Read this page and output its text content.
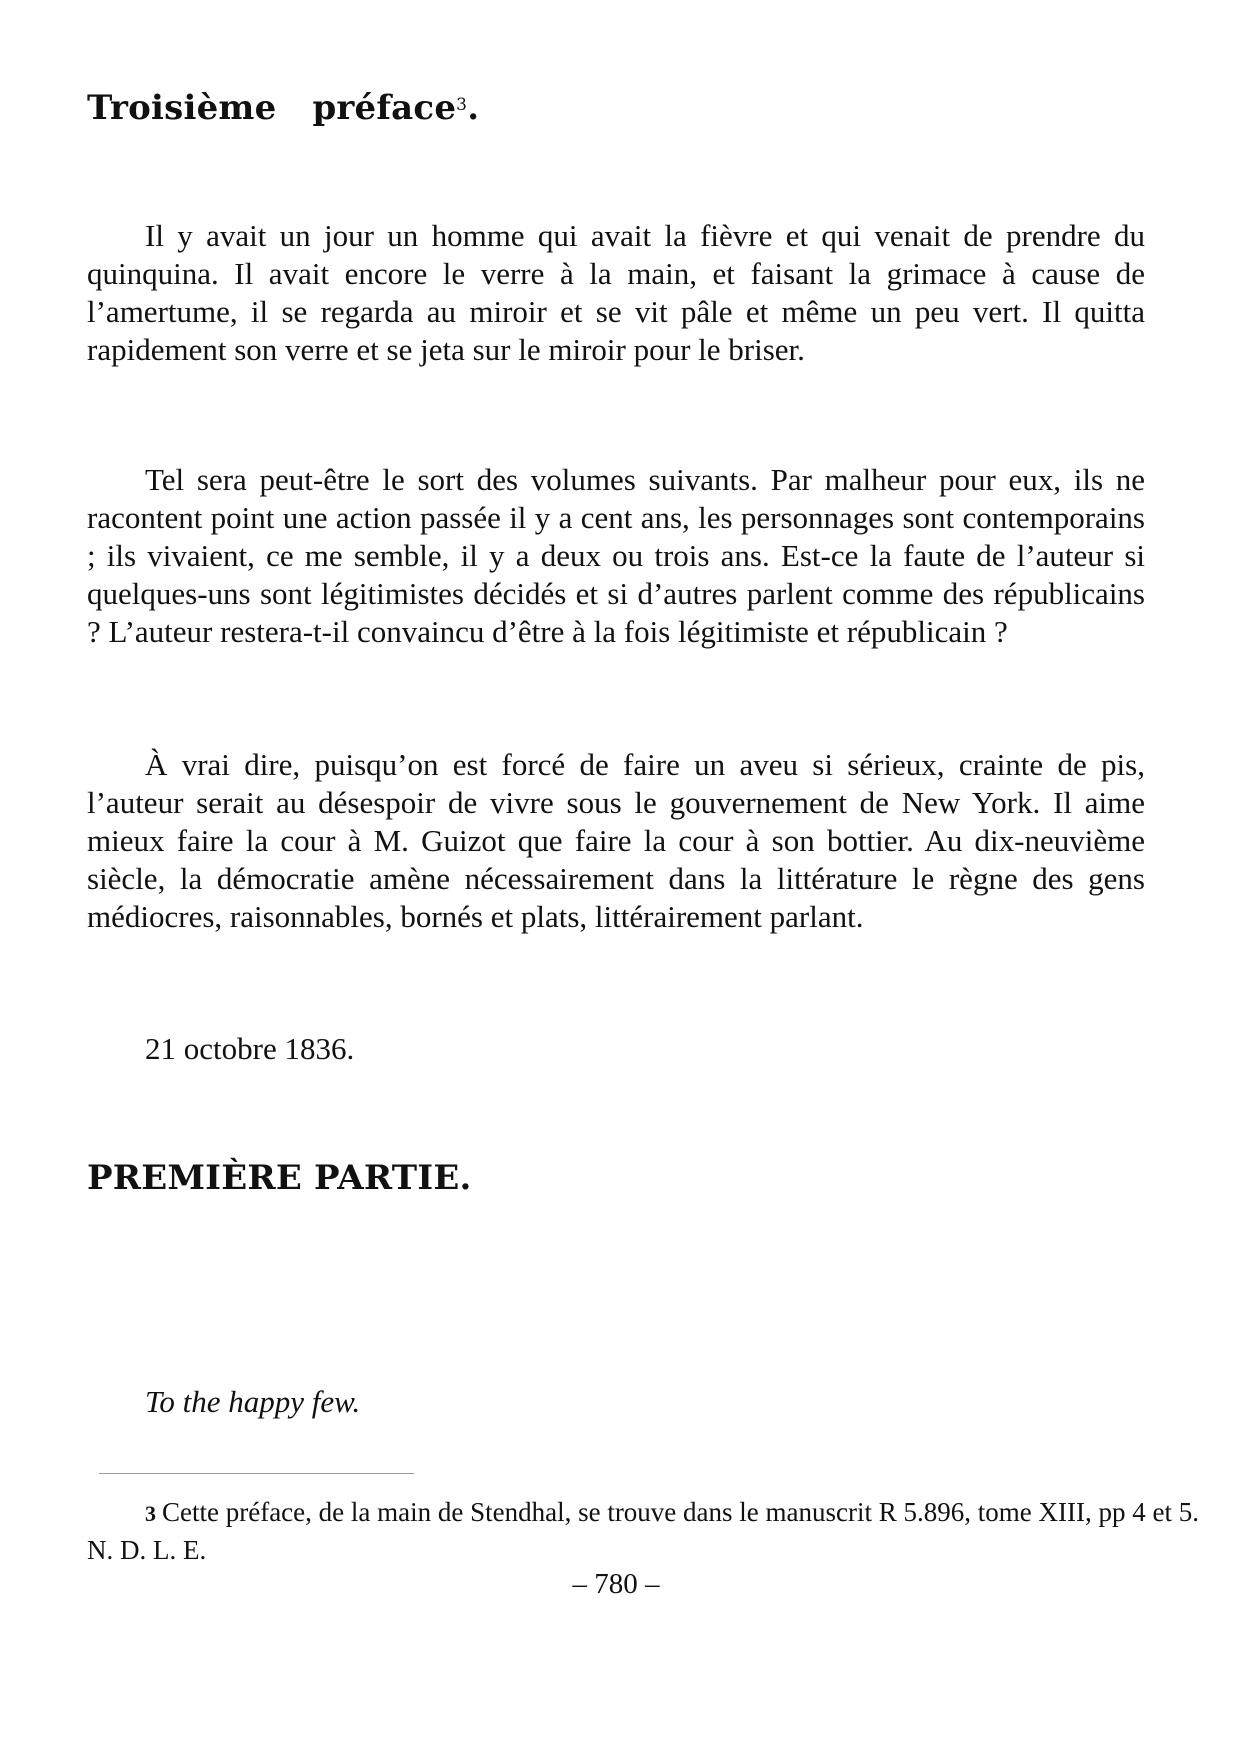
Troisième préface$^3$.

Il y avait un jour un homme qui avait la fièvre et qui venait de prendre du quinquina. Il avait encore le verre à la main, et faisant la grimace à cause de l’amertume, il se regarda au miroir et se vit pâle et même un peu vert. Il quitta rapidement son verre et se jeta sur le miroir pour le briser.

Tel sera peut-être le sort des volumes suivants. Par malheur pour eux, ils ne racontent point une action passée il y a cent ans, les personnages sont contemporains ; ils vivaient, ce me semble, il y a deux ou trois ans. Est-ce la faute de l’auteur si quelques-uns sont légitimistes décidés et si d’autres parlent comme des républicains ? L’auteur restera-t-il convaincu d’être à la fois légitimiste et républicain ?

À vrai dire, puisqu’on est forcé de faire un aveu si sérieux, crainte de pis, l’auteur serait au désespoir de vivre sous le gouvernement de New York. Il aime mieux faire la cour à M. Guizot que faire la cour à son bottier. Au dix-neuvième siècle, la démocratie amène nécessairement dans la littérature le règne des gens médiocres, raisonnables, bornés et plats, littérairement parlant.

21 octobre 1836.

PREMIÈRE PARTIE.

To the happy few.

3 Cette préface, de la main de Stendhal, se trouve dans le manuscrit R 5.896, tome XIII, pp 4 et 5. N. D. L. E.

– 780 –
